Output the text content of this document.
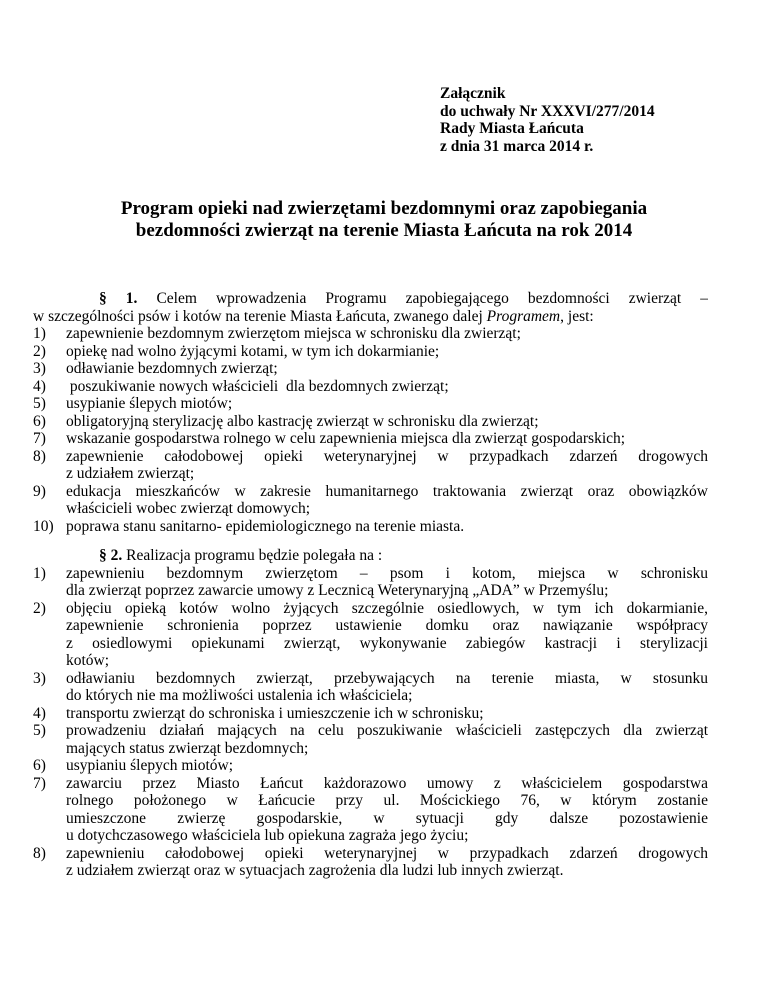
Załącznik
do uchwały Nr XXXVI/277/2014
Rady Miasta Łańcuta
z dnia 31 marca 2014 r.
Program opieki nad zwierzętami bezdomnymi oraz zapobiegania
bezdomności zwierząt na terenie Miasta Łańcuta na rok 2014
§ 1. Celem wprowadzenia Programu zapobiegającego bezdomności zwierząt –
w szczególności psów i kotów na terenie Miasta Łańcuta, zwanego dalej Programem, jest:
1)	zapewnienie bezdomnym zwierzętom miejsca w schronisku dla zwierząt;
2)	opiekę nad wolno żyjącymi kotami, w tym ich dokarmianie;
3)	odławianie bezdomnych zwierząt;
4)	poszukiwanie nowych właścicieli  dla bezdomnych zwierząt;
5)	usypianie ślepych miotów;
6)	obligatoryjną sterylizację albo kastrację zwierząt w schronisku dla zwierząt;
7)	wskazanie gospodarstwa rolnego w celu zapewnienia miejsca dla zwierząt gospodarskich;
8)	zapewnienie całodobowej opieki weterynaryjnej w przypadkach zdarzeń drogowych
z udziałem zwierząt;
9)	edukacja mieszkańców w zakresie humanitarnego traktowania zwierząt oraz obowiązków
właścicieli wobec zwierząt domowych;
10) poprawa stanu sanitarno- epidemiologicznego na terenie miasta.
§ 2. Realizacja programu będzie polegała na :
1)	zapewnieniu bezdomnym zwierzętom – psom i kotom, miejsca w schronisku
dla zwierząt poprzez zawarcie umowy z Lecznicą Weterynaryjną „ADA” w Przemyślu;
2)	objęciu opieką kotów wolno żyjących szczególnie osiedlowych, w tym ich dokarmianie,
zapewnienie schronienia poprzez ustawienie domku oraz nawiązanie współpracy
z osiedlowymi opiekunami zwierząt, wykonywanie zabiegów kastracji i sterylizacji
kotów;
3)	odławianiu bezdomnych zwierząt, przebywających na terenie miasta, w stosunku
do których nie ma możliwości ustalenia ich właściciela;
4)	transportu zwierząt do schroniska i umieszczenie ich w schronisku;
5)	prowadzeniu działań mających na celu poszukiwanie właścicieli zastępczych dla zwierząt
mających status zwierząt bezdomnych;
6)	usypianiu ślepych miotów;
7)	zawarciu przez Miasto Łańcut każdorazowo umowy z właścicielem gospodarstwa
rolnego położonego w Łańcucie przy ul. Mościckiego 76, w którym zostanie
umieszczone zwierzę gospodarskie, w sytuacji gdy dalsze pozostawienie
u dotychczasowego właściciela lub opiekuna zagraża jego życiu;
8)	zapewnieniu całodobowej opieki weterynaryjnej w przypadkach zdarzeń drogowych
z udziałem zwierząt oraz w sytuacjach zagrożenia dla ludzi lub innych zwierząt.
